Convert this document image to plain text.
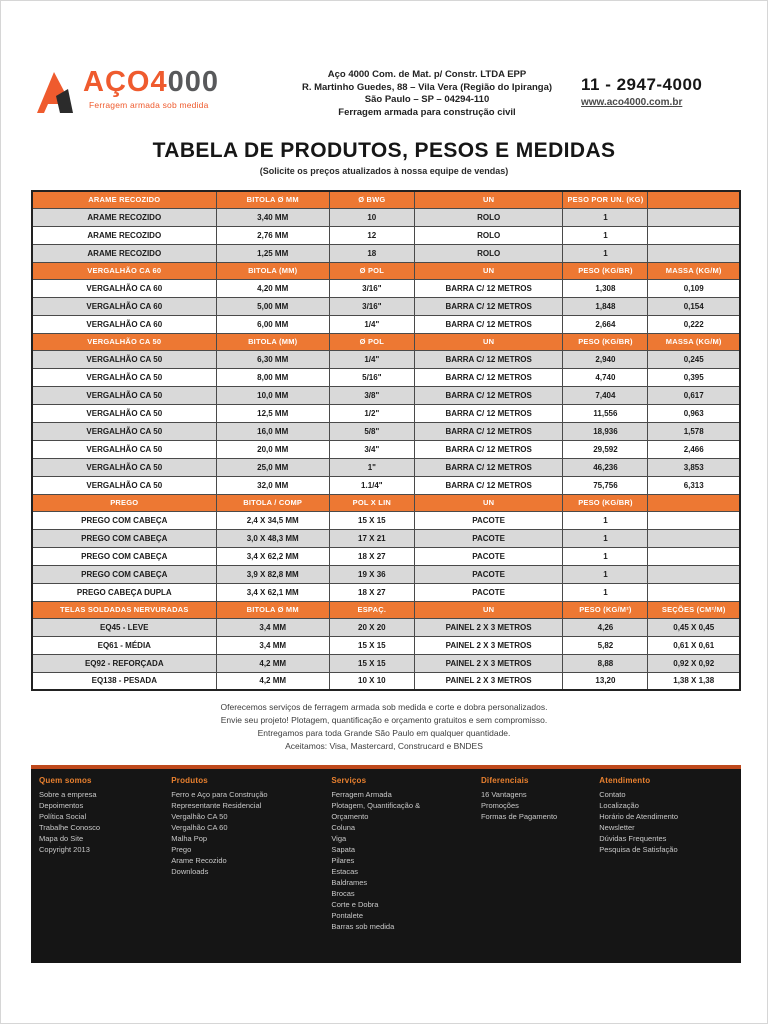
AÇO4000
Ferragem armada sob medida
Aço 4000 Com. de Mat. p/ Constr. LTDA EPP
R. Martinho Guedes, 88 – Vila Vera (Região do Ipiranga)
São Paulo – SP – 04294-110
Ferragem armada para construção civil
11 - 2947-4000
www.aco4000.com.br
TABELA DE PRODUTOS, PESOS E MEDIDAS
(Solicite os preços atualizados à nossa equipe de vendas)
ARAME RECOZIDO	BITOLA Ø MM	Ø BWG	UN	PESO POR UN. (KG)	
ARAME RECOZIDO	3,40 MM	10	ROLO	1	
ARAME RECOZIDO	2,76 MM	12	ROLO	1	
ARAME RECOZIDO	1,25 MM	18	ROLO	1	
VERGALHÃO CA 60	BITOLA (MM)	Ø POL	UN	PESO (KG/BR)	MASSA (KG/M)
VERGALHÃO CA 60	4,20 MM	3/16"	BARRA C/ 12 METROS	1,308	0,109
VERGALHÃO CA 60	5,00 MM	3/16"	BARRA C/ 12 METROS	1,848	0,154
VERGALHÃO CA 60	6,00 MM	1/4"	BARRA C/ 12 METROS	2,664	0,222
VERGALHÃO CA 50	BITOLA (MM)	Ø POL	UN	PESO (KG/BR)	MASSA (KG/M)
VERGALHÃO CA 50	6,30 MM	1/4"	BARRA C/ 12 METROS	2,940	0,245
VERGALHÃO CA 50	8,00 MM	5/16"	BARRA C/ 12 METROS	4,740	0,395
VERGALHÃO CA 50	10,0 MM	3/8"	BARRA C/ 12 METROS	7,404	0,617
VERGALHÃO CA 50	12,5 MM	1/2"	BARRA C/ 12 METROS	11,556	0,963
VERGALHÃO CA 50	16,0 MM	5/8"	BARRA C/ 12 METROS	18,936	1,578
VERGALHÃO CA 50	20,0 MM	3/4"	BARRA C/ 12 METROS	29,592	2,466
VERGALHÃO CA 50	25,0 MM	1"	BARRA C/ 12 METROS	46,236	3,853
VERGALHÃO CA 50	32,0 MM	1.1/4"	BARRA C/ 12 METROS	75,756	6,313
PREGO	BITOLA / COMP	POL X LIN	UN	PESO (KG/BR)	
PREGO COM CABEÇA	2,4 X 34,5 MM	15 X 15	PACOTE	1	
PREGO COM CABEÇA	3,0 X 48,3 MM	17 X 21	PACOTE	1	
PREGO COM CABEÇA	3,4 X 62,2 MM	18 X 27	PACOTE	1	
PREGO COM CABEÇA	3,9 X 82,8 MM	19 X 36	PACOTE	1	
PREGO CABEÇA DUPLA	3,4 X 62,1 MM	18 X 27	PACOTE	1	
TELAS SOLDADAS NERVURADAS	BITOLA Ø MM	ESPAÇ.	UN	PESO (KG/M²)	SEÇÕES (CM²/M)
EQ45 - LEVE	3,4 MM	20 X 20	PAINEL 2 X 3 METROS	4,26	0,45 X 0,45
EQ61 - MÉDIA	3,4 MM	15 X 15	PAINEL 2 X 3 METROS	5,82	0,61 X 0,61
EQ92 - REFORÇADA	4,2 MM	15 X 15	PAINEL 2 X 3 METROS	8,88	0,92 X 0,92
EQ138 - PESADA	4,2 MM	10 X 10	PAINEL 2 X 3 METROS	13,20	1,38 X 1,38
Oferecemos serviços de ferragem armada sob medida e corte e dobra personalizados.
Envie seu projeto! Plotagem, quantificação e orçamento gratuitos e sem compromisso.
Entregamos para toda Grande São Paulo em qualquer quantidade.
Aceitamos: Visa, Mastercard, Construcard e BNDES
Quem somos
Sobre a empresa
Depoimentos
Política Social
Trabalhe Conosco
Mapa do Site
Copyright 2013
Produtos
Ferro e Aço para Construção
Representante Residencial
Vergalhão CA 50
Vergalhão CA 60
Malha Pop
Prego
Arame Recozido
Downloads
Serviços
Ferragem Armada
Plotagem, Quantificação &
Orçamento
Coluna
Viga
Sapata
Pilares
Estacas
Baldrames
Brocas
Corte e Dobra
Pontalete
Barras sob medida
Diferenciais
16 Vantagens
Promoções
Formas de Pagamento
Atendimento
Contato
Localização
Horário de Atendimento
Newsletter
Dúvidas Frequentes
Pesquisa de Satisfação
